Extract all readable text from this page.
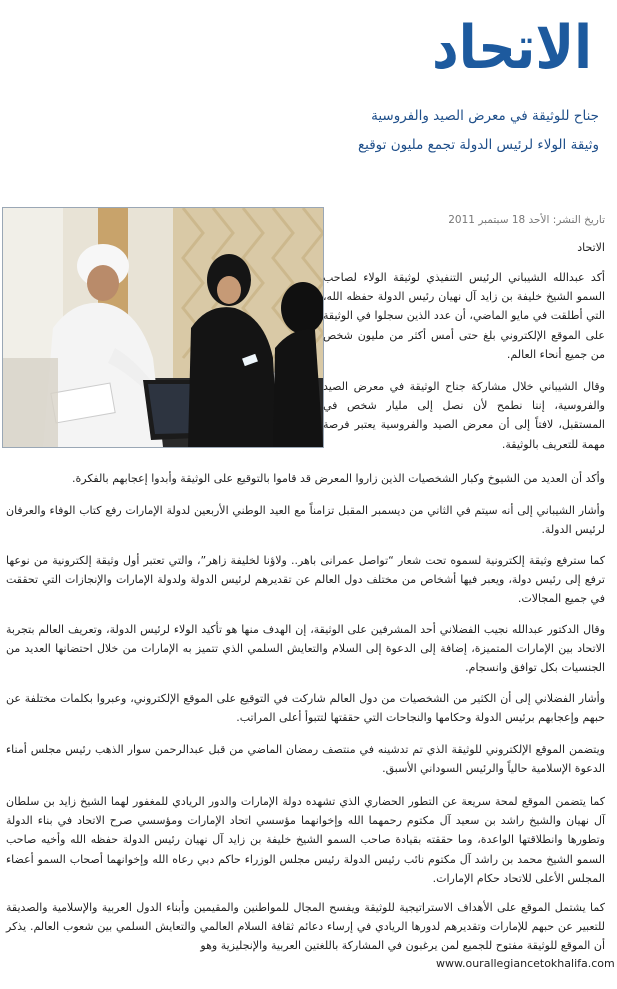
الاتحاد
جناح للوثيقة في معرض الصيد والفروسية
وثيقة الولاء لرئيس الدولة تجمع مليون توقيع
تاريخ النشر: الأحد 18 سبتمبر 2011
الاتحاد

أكد عبدالله الشيباني الرئيس التنفيذي لوثيقة الولاء لصاحب السمو الشيخ خليفة بن زايد آل نهيان رئيس الدولة حفظه الله، التي أطلقت في مايو الماضي، أن عدد الذين سجلوا في الوثيقة على الموقع الإلكتروني بلغ حتى أمس أكثر من مليون شخص من جميع أنحاء العالم.

وقال الشيباني خلال مشاركة جناح الوثيقة في معرض الصيد والفروسية، إننا نطمح لأن نصل إلى مليار شخص في المستقبل، لافتاً إلى أن معرض الصيد والفروسية يعتبر فرصة مهمة للتعريف بالوثيقة.

وأكد أن العديد من الشيوخ وكبار الشخصيات الذين زاروا المعرض قد قاموا بالتوقيع على الوثيقة وأبدوا إعجابهم بالفكرة.

وأشار الشيباني إلى أنه سيتم في الثاني من ديسمبر المقبل تزامناً مع العيد الوطني الأربعين لدولة الإمارات رفع كتاب الوفاء والعرفان لرئيس الدولة.

كما سترفع وثيقة إلكترونية لسموه تحت شعار “تواصل عمرانى باهر.. ولاؤنا لخليفة زاهر”، والتي تعتبر أول وثيقة إلكترونية من نوعها ترفع إلى رئيس دولة، ويعبر فيها أشخاص من مختلف دول العالم عن تقديرهم لرئيس الدولة ولدولة الإمارات والإنجازات التي تحققت في جميع المجالات.

وقال الدكتور عبدالله نجيب الفضلاني أحد المشرفين على الوثيقة، إن الهدف منها هو تأكيد الولاء لرئيس الدولة، وتعريف العالم بتجربة الاتحاد بين الإمارات المتميزة، إضافة إلى الدعوة إلى السلام والتعايش السلمي الذي تتميز به الإمارات من خلال احتضانها العديد من الجنسيات بكل توافق وانسجام.

وأشار الفضلاني إلى أن الكثير من الشخصيات من دول العالم شاركت في التوقيع على الموقع الإلكتروني، وعبروا بكلمات مختلفة عن حبهم وإعجابهم برئيس الدولة وحكامها والنجاحات التي حققتها لتتبوأ أعلى المراتب.

ويتضمن الموقع الإلكتروني للوثيقة الذي تم تدشينه في منتصف رمضان الماضي من قبل عبدالرحمن سوار الذهب رئيس مجلس أمناء الدعوة الإسلامية حالياً والرئيس السوداني الأسبق.

كما يتضمن الموقع لمحة سريعة عن التطور الحضاري الذي تشهده دولة الإمارات والدور الريادي للمغفور لهما الشيخ زايد بن سلطان آل نهيان والشيخ راشد بن سعيد آل مكتوم رحمهما الله وإخوانهما مؤسسي اتحاد الإمارات ومؤسسي صرح الاتحاد في بناء الدولة وتطورها وانطلاقتها الواعدة، وما حققته بقيادة صاحب السمو الشيخ خليفة بن زايد آل نهيان رئيس الدولة حفظه الله وأخيه صاحب السمو الشيخ محمد بن راشد آل مكتوم نائب رئيس الدولة رئيس مجلس الوزراء حاكم دبي رعاه الله وإخوانهما أصحاب السمو أعضاء المجلس الأعلى للاتحاد حكام الإمارات.

كما يشتمل الموقع على الأهداف الاستراتيجية للوثيقة ويفسح المجال للمواطنين والمقيمين وأبناء الدول العربية والإسلامية والصديقة للتعبير عن حبهم للإمارات وتقديرهم لدورها الريادي في إرساء دعائم ثقافة السلام العالمي والتعايش السلمي بين شعوب العالم. يذكر أن الموقع للوثيقة مفتوح للجميع لمن يرغبون في المشاركة باللغتين العربية والإنجليزية وهو

www.ourallegiancetokhalifa.com
